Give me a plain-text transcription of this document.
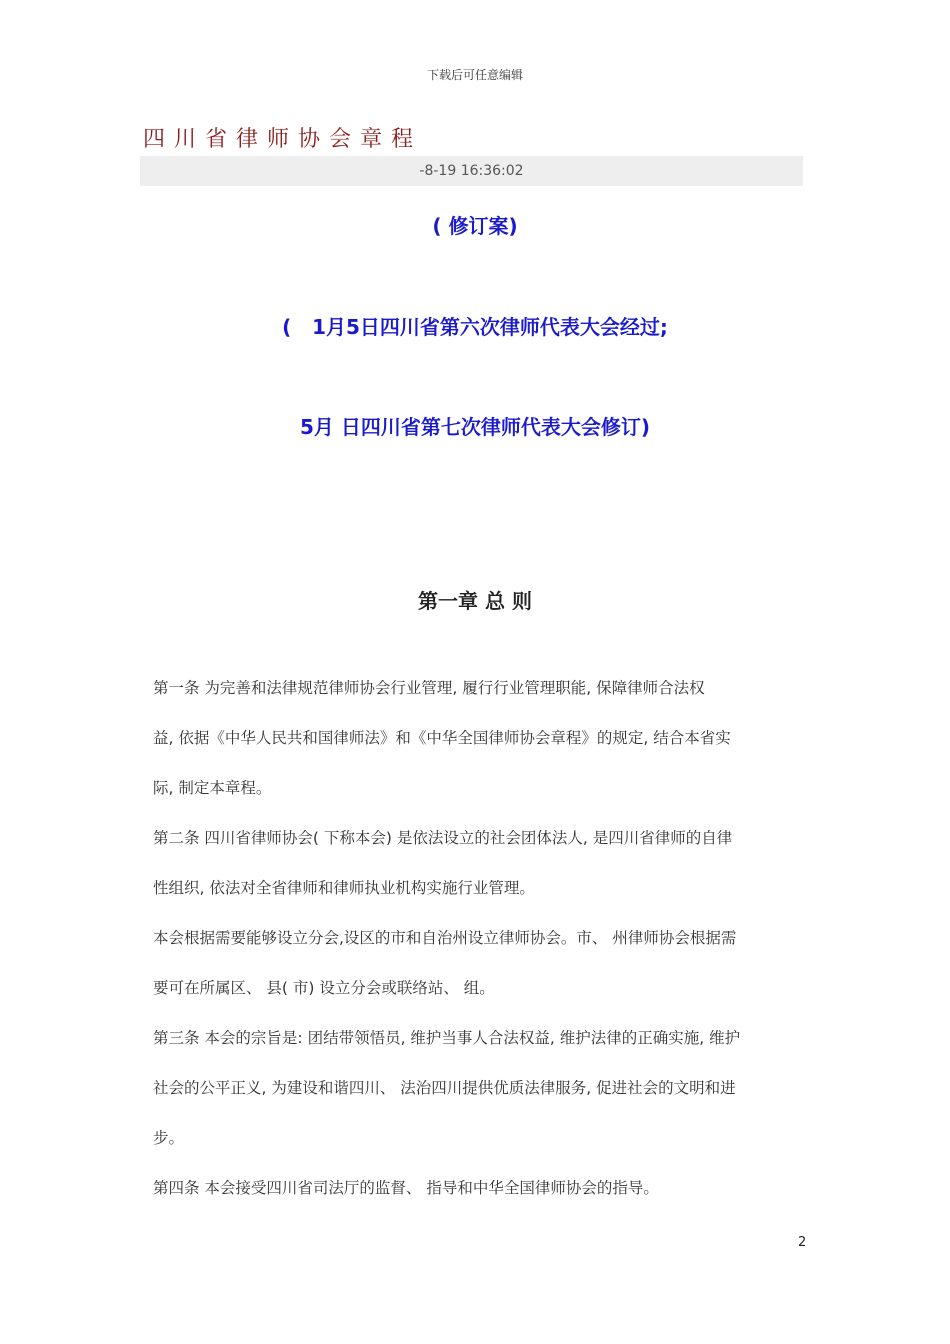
下载后可任意编辑
四川省律师协会章程
-8-19 16:36:02
( 修订案)
(   1月5日四川省第六次律师代表大会经过;
5月 日四川省第七次律师代表大会修订)
第一章 总 则
第一条 为完善和法律规范律师协会行业管理, 履行行业管理职能, 保障律师合法权
益, 依据《中华人民共和国律师法》和《中华全国律师协会章程》的规定, 结合本省实
际, 制定本章程。
第二条 四川省律师协会( 下称本会) 是依法设立的社会团体法人, 是四川省律师的自律
性组织, 依法对全省律师和律师执业机构实施行业管理。
本会根据需要能够设立分会,设区的市和自治州设立律师协会。市、 州律师协会根据需
要可在所属区、 县( 市) 设立分会或联络站、 组。
第三条 本会的宗旨是: 团结带领悟员, 维护当事人合法权益, 维护法律的正确实施, 维护
社会的公平正义, 为建设和谐四川、 法治四川提供优质法律服务, 促进社会的文明和进
步。
第四条 本会接受四川省司法厅的监督、 指导和中华全国律师协会的指导。
2
